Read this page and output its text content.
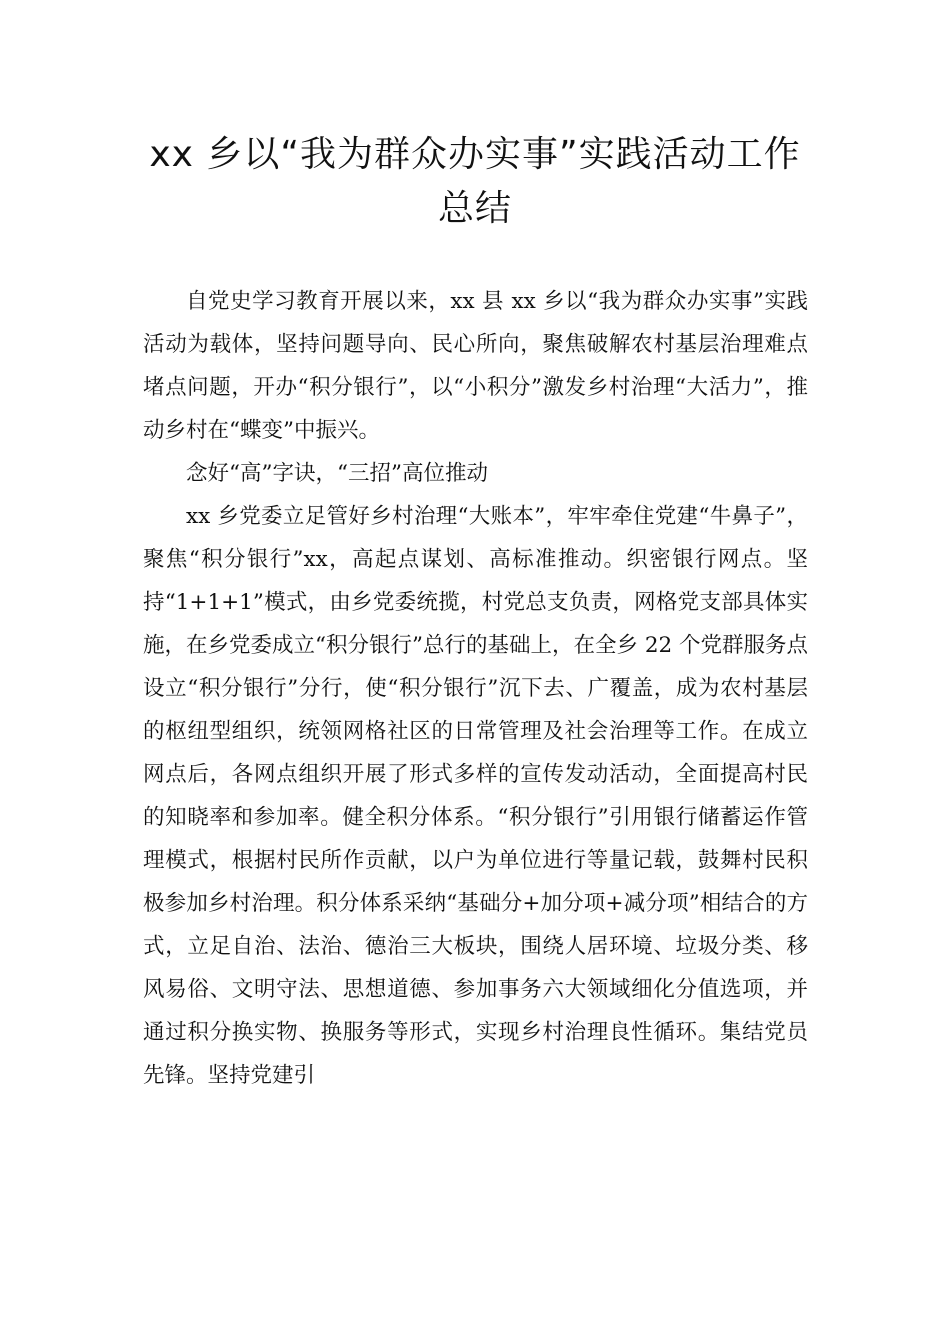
xx 乡以“我为群众办实事”实践活动工作总结

自党史学习教育开展以来，xx 县 xx 乡以“我为群众办实事”实践活动为载体，坚持问题导向、民心所向，聚焦破解农村基层治理难点堵点问题，开办“积分银行”，以“小积分”激发乡村治理“大活力”，推动乡村在“蝶变”中振兴。

念好“高”字诀，“三招”高位推动

xx 乡党委立足管好乡村治理“大账本”，牢牢牵住党建“牛鼻子”，聚焦“积分银行”xx，高起点谋划、高标准推动。织密银行网点。坚持“1+1+1”模式，由乡党委统揽，村党总支负责，网格党支部具体实施，在乡党委成立“积分银行”总行的基础上，在全乡 22 个党群服务点设立“积分银行”分行，使“积分银行”沉下去、广覆盖，成为农村基层的枢纽型组织，统领网格社区的日常管理及社会治理等工作。在成立网点后，各网点组织开展了形式多样的宣传发动活动，全面提高村民的知晓率和参加率。健全积分体系。“积分银行”引用银行储蓄运作管理模式，根据村民所作贡献，以户为单位进行等量记载，鼓舞村民积极参加乡村治理。积分体系采纳“基础分+加分项+减分项”相结合的方式，立足自治、法治、德治三大板块，围绕人居环境、垃圾分类、移风易俗、文明守法、思想道德、参加事务六大领域细化分值选项，并通过积分换实物、换服务等形式，实现乡村治理良性循环。集结党员先锋。坚持党建引
